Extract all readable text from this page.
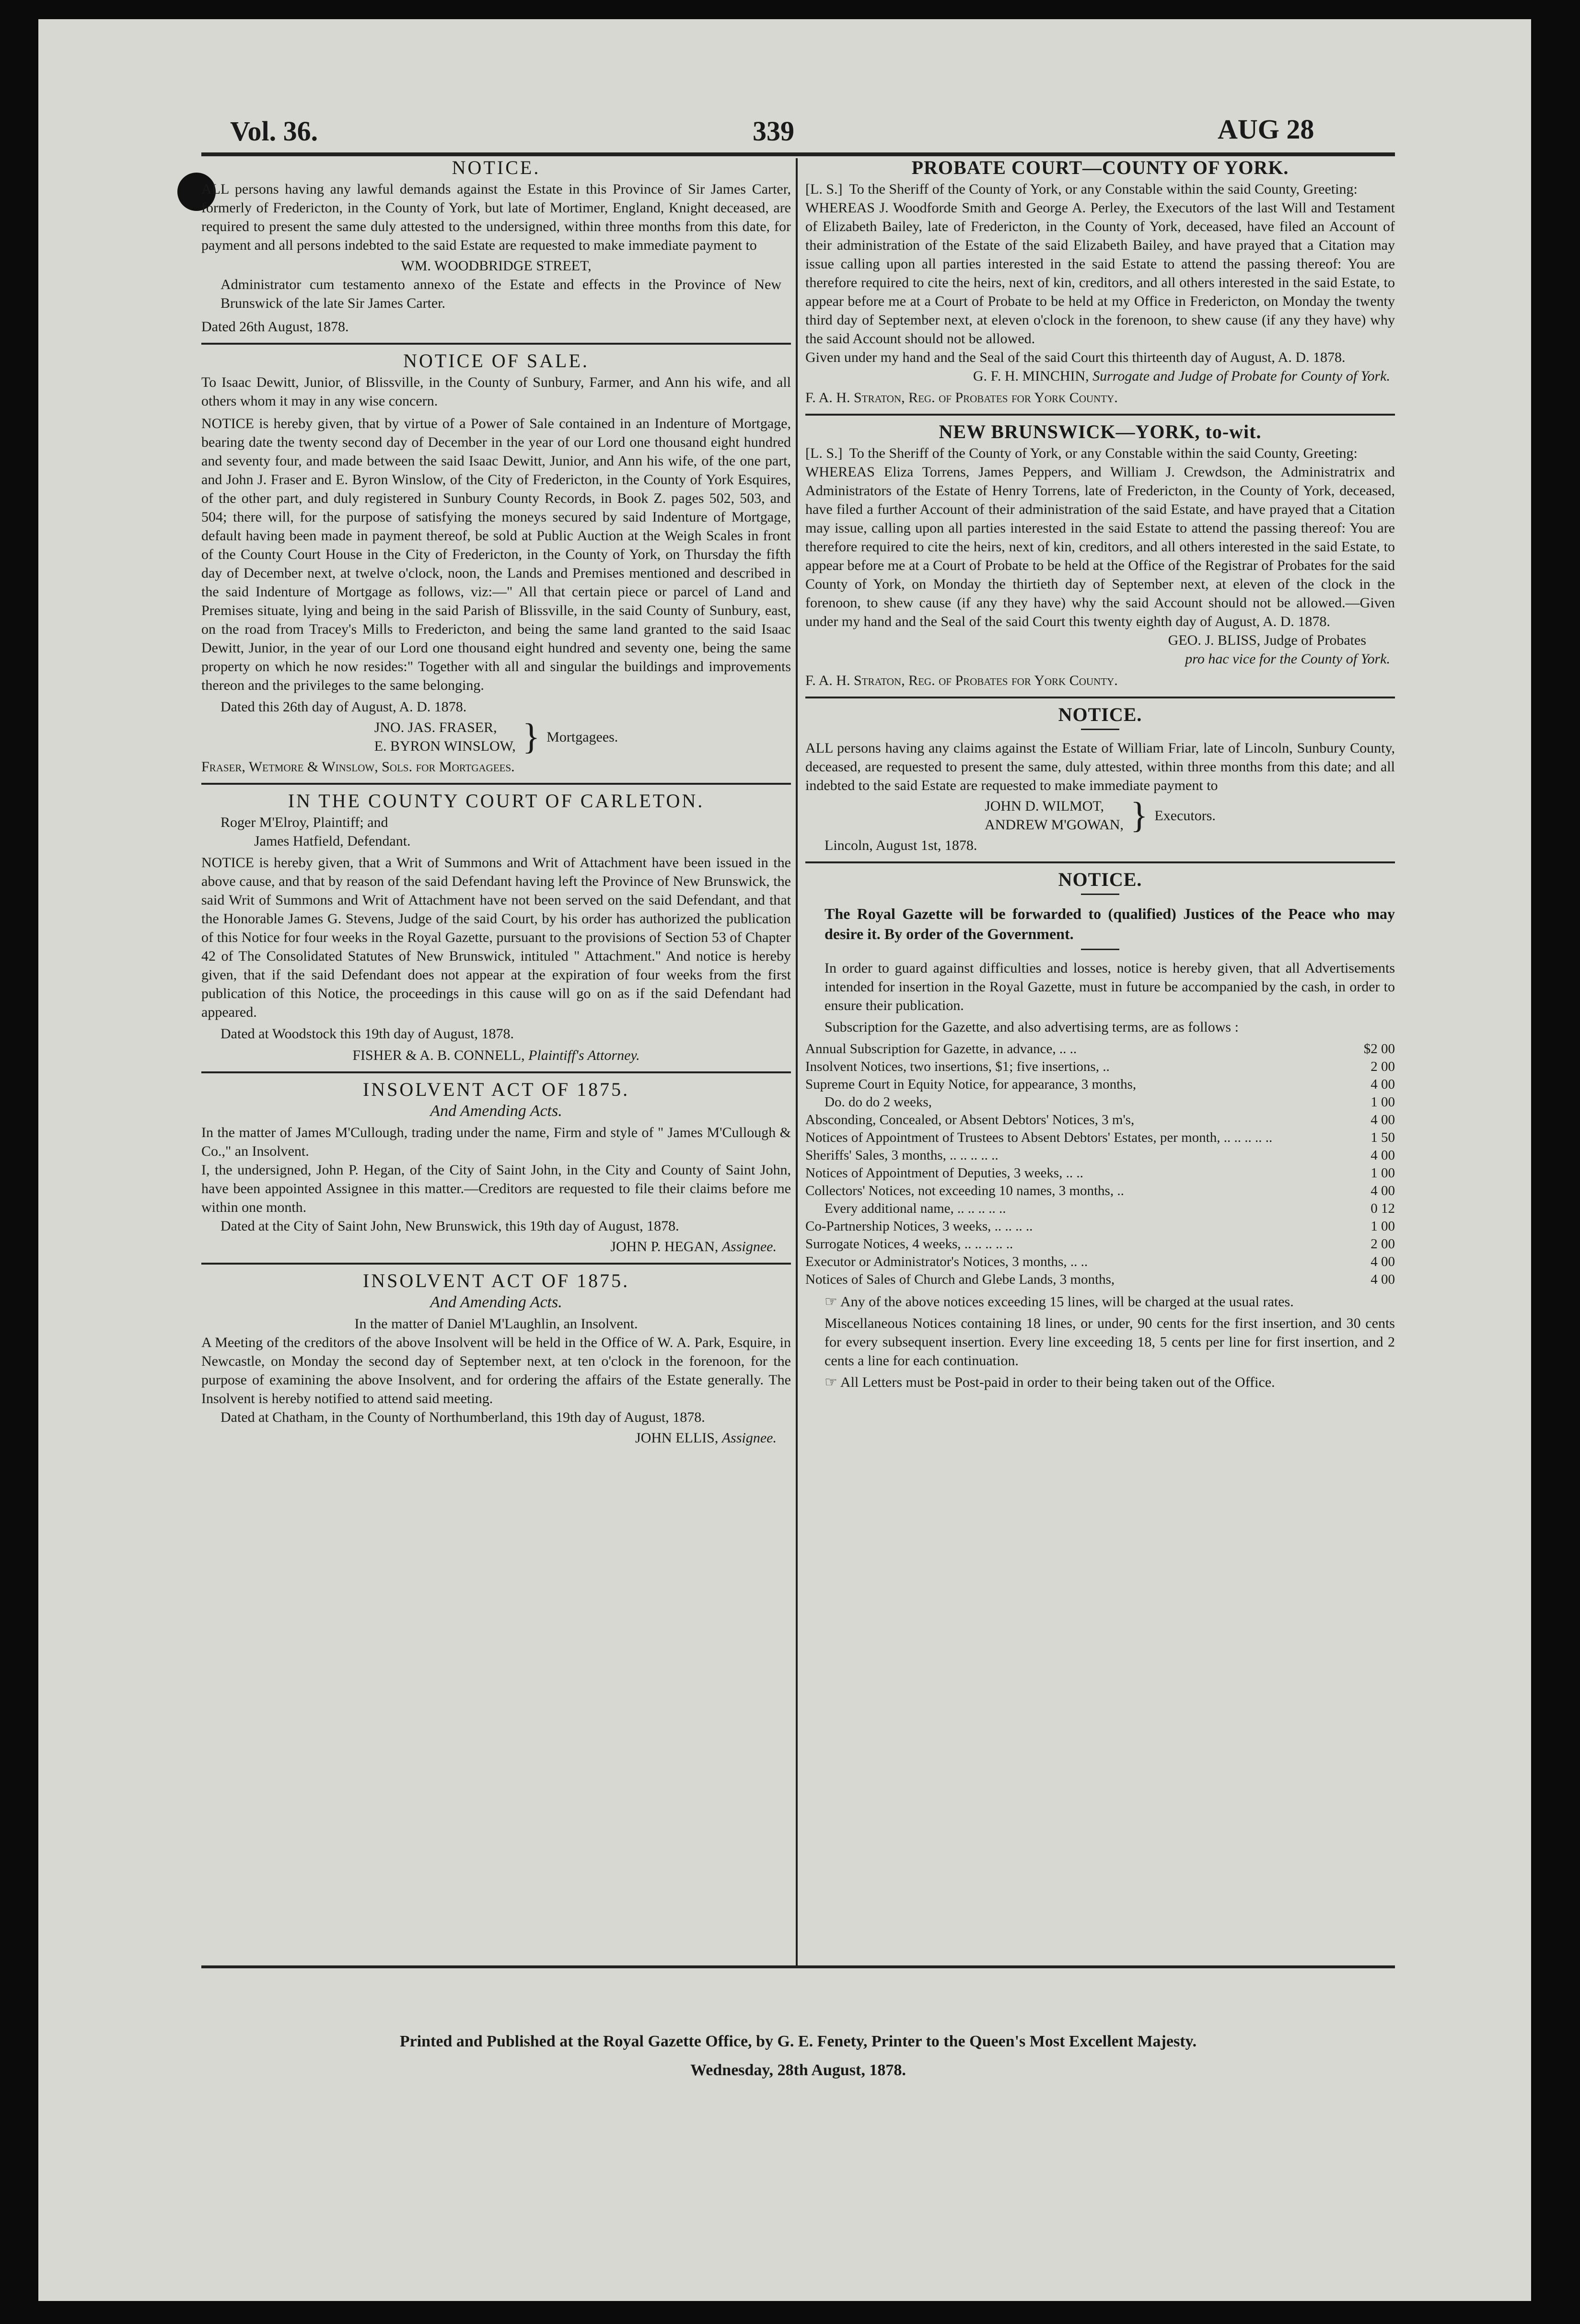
Vol. 36.	339	AUG 28
NOTICE.

ALL persons having any lawful demands against the Estate in this Province of Sir James Carter, formerly of Fredericton, in the County of York, but late of Mortimer, England, Knight deceased, are required to present the same duly attested to the undersigned, within three months from this date, for payment and all persons indebted to the said Estate are requested to make immediate payment to

WM. WOODBRIDGE STREET,

Administrator cum testamento annexo of the Estate and effects in the Province of New Brunswick of the late Sir James Carter.

Dated 26th August, 1878.

NOTICE OF SALE.

To Isaac Dewitt, Junior, of Blissville, in the County of Sunbury, Farmer, and Ann his wife, and all others whom it may in any wise concern.

NOTICE is hereby given, that by virtue of a Power of Sale contained in an Indenture of Mortgage, bearing date the twenty second day of December in the year of our Lord one thousand eight hundred and seventy four, and made between the said Isaac Dewitt, Junior, and Ann his wife, of the one part, and John J. Fraser and E. Byron Winslow, of the City of Fredericton, in the County of York Esquires, of the other part, and duly registered in Sunbury County Records, in Book Z. pages 502, 503, and 504; there will, for the purpose of satisfying the moneys secured by said Indenture of Mortgage, default having been made in payment thereof, be sold at Public Auction at the Weigh Scales in front of the County Court House in the City of Fredericton, in the County of York, on Thursday the fifth day of December next, at twelve o'clock, noon, the Lands and Premises mentioned and described in the said Indenture of Mortgage as follows, viz:—" All that certain piece or parcel of Land and Premises situate, lying and being in the said Parish of Blissville, in the said County of Sunbury, east, on the road from Tracey's Mills to Fredericton, and being the same land granted to the said Isaac Dewitt, Junior, in the year of our Lord one thousand eight hundred and seventy one, being the same property on which he now resides:" Together with all and singular the buildings and improvements thereon and the privileges to the same belonging.

Dated this 26th day of August, A. D. 1878.

JNO. JAS. FRASER,
E. BYRON WINSLOW, } Mortgagees.

Fraser, Wetmore & Winslow, Sols. for Mortgagees.

IN THE COUNTY COURT OF CARLETON.

Roger M'Elroy, Plaintiff; and

James Hatfield, Defendant.

NOTICE is hereby given, that a Writ of Summons and Writ of Attachment have been issued in the above cause, and that by reason of the said Defendant having left the Province of New Brunswick, the said Writ of Summons and Writ of Attachment have not been served on the said Defendant, and that the Honorable James G. Stevens, Judge of the said Court, by his order has authorized the publication of this Notice for four weeks in the Royal Gazette, pursuant to the provisions of Section 53 of Chapter 42 of The Consolidated Statutes of New Brunswick, intituled " Attachment." And notice is hereby given, that if the said Defendant does not appear at the expiration of four weeks from the first publication of this Notice, the proceedings in this cause will go on as if the said Defendant had appeared.

Dated at Woodstock this 19th day of August, 1878.

FISHER & A. B. CONNELL, Plaintiff's Attorney.

INSOLVENT ACT OF 1875.
And Amending Acts.

In the matter of James M'Cullough, trading under the name, Firm and style of " James M'Cullough & Co.," an Insolvent.

I, the undersigned, John P. Hegan, of the City of Saint John, in the City and County of Saint John, have been appointed Assignee in this matter.—Creditors are requested to file their claims before me within one month.

Dated at the City of Saint John, New Brunswick, this 19th day of August, 1878.

JOHN P. HEGAN, Assignee.

INSOLVENT ACT OF 1875.
And Amending Acts.

In the matter of Daniel M'Laughlin, an Insolvent.

A Meeting of the creditors of the above Insolvent will be held in the Office of W. A. Park, Esquire, in Newcastle, on Monday the second day of September next, at ten o'clock in the forenoon, for the purpose of examining the above Insolvent, and for ordering the affairs of the Estate generally. The Insolvent is hereby notified to attend said meeting.

Dated at Chatham, in the County of Northumberland, this 19th day of August, 1878.

JOHN ELLIS, Assignee.

PROBATE COURT—COUNTY OF YORK.

[L. S.] To the Sheriff of the County of York, or any Constable within the said County, Greeting:

WHEREAS J. Woodforde Smith and George A. Perley, the Executors of the last Will and Testament of Elizabeth Bailey, late of Fredericton, in the County of York, deceased, have filed an Account of their administration of the Estate of the said Elizabeth Bailey, and have prayed that a Citation may issue calling upon all parties interested in the said Estate to attend the passing thereof: You are therefore required to cite the heirs, next of kin, creditors, and all others interested in the said Estate, to appear before me at a Court of Probate to be held at my Office in Fredericton, on Monday the twenty third day of September next, at eleven o'clock in the forenoon, to shew cause (if any they have) why the said Account should not be allowed.

Given under my hand and the Seal of the said Court this thirteenth day of August, A. D. 1878.

G. F. H. MINCHIN, Surrogate and Judge of Probate for County of York.

F. A. H. Straton, Reg. of Probates for York County.

NEW BRUNSWICK—YORK, to-wit.

[L. S.] To the Sheriff of the County of York, or any Constable within the said County, Greeting:

WHEREAS Eliza Torrens, James Peppers, and William J. Crewdson, the Administratrix and Administrators of the Estate of Henry Torrens, late of Fredericton, in the County of York, deceased, have filed a further Account of their administration of the said Estate, and have prayed that a Citation may issue, calling upon all parties interested in the said Estate to attend the passing thereof: You are therefore required to cite the heirs, next of kin, creditors, and all others interested in the said Estate, to appear before me at a Court of Probate to be held at the Office of the Registrar of Probates for the said County of York, on Monday the thirtieth day of September next, at eleven of the clock in the forenoon, to shew cause (if any they have) why the said Account should not be allowed.—Given under my hand and the Seal of the said Court this twenty eighth day of August, A. D. 1878.

GEO. J. BLISS, Judge of Probates

pro hac vice for the County of York.

F. A. H. Straton, Reg. of Probates for York County.

NOTICE.

ALL persons having any claims against the Estate of William Friar, late of Lincoln, Sunbury County, deceased, are requested to present the same, duly attested, within three months from this date; and all indebted to the said Estate are requested to make immediate payment to

JOHN D. WILMOT,
ANDREW M'GOWAN, } Executors.

Lincoln, August 1st, 1878.

NOTICE.

The Royal Gazette will be forwarded to (qualified) Justices of the Peace who may desire it. By order of the Government.

In order to guard against difficulties and losses, notice is hereby given, that all Advertisements intended for insertion in the Royal Gazette, must in future be accompanied by the cash, in order to ensure their publication.

Subscription for the Gazette, and also advertising terms, are as follows :

Annual Subscription for Gazette, in advance, .. ..	$2 00
Insolvent Notices, two insertions, $1; five insertions, ..	2 00
Supreme Court in Equity Notice, for appearance, 3 months,	4 00
Do. do do 2 weeks,	1 00
Absconding, Concealed, or Absent Debtors' Notices, 3 m's,	4 00
Notices of Appointment of Trustees to Absent Debtors' Estates, per month, .. .. .. .. ..	1 50
Sheriffs' Sales, 3 months, .. .. .. .. ..	4 00
Notices of Appointment of Deputies, 3 weeks, .. ..	1 00
Collectors' Notices, not exceeding 10 names, 3 months, ..	4 00
Every additional name, .. .. .. .. ..	0 12
Co-Partnership Notices, 3 weeks, .. .. .. ..	1 00
Surrogate Notices, 4 weeks, .. .. .. .. ..	2 00
Executor or Administrator's Notices, 3 months, .. ..	4 00
Notices of Sales of Church and Glebe Lands, 3 months,	4 00

☞ Any of the above notices exceeding 15 lines, will be charged at the usual rates.

Miscellaneous Notices containing 18 lines, or under, 90 cents for the first insertion, and 30 cents for every subsequent insertion. Every line exceeding 18, 5 cents per line for first insertion, and 2 cents a line for each continuation.

☞ All Letters must be Post-paid in order to their being taken out of the Office.

Printed and Published at the Royal Gazette Office, by G. E. Fenety, Printer to the Queen's Most Excellent Majesty.
Wednesday, 28th August, 1878.
